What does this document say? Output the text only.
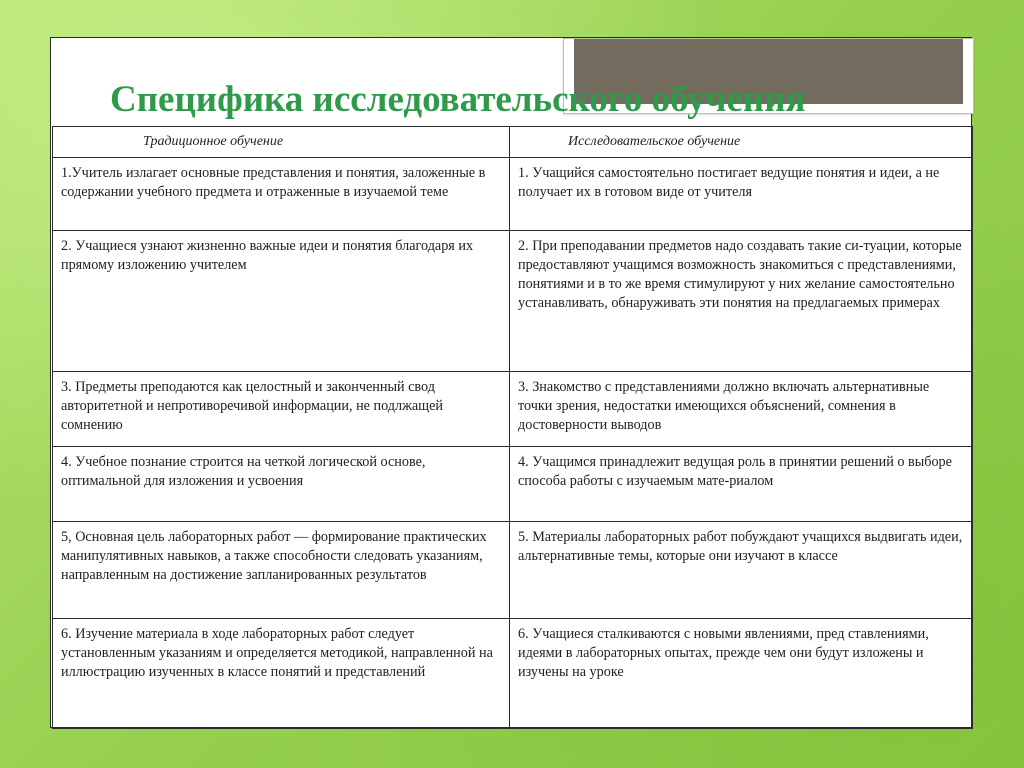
Специфика исследовательского обучения
Традиционное обучение	Исследовательское обучение
1.Учитель излагает основные представления и понятия, заложенные в содержании учебного предмета и отраженные в изучаемой теме	1. Учащийся самостоятельно постигает ведущие понятия и идеи, а не получает их в готовом виде от учителя
2. Учащиеся узнают жизненно важные идеи и понятия благодаря их прямому изложению учителем	2. При преподавании предметов надо создавать такие си-туации, которые предоставляют учащимся возможность знакомиться с представлениями, понятиями и в то же время стимулируют у них желание самостоятельно устанавливать, обнаруживать эти понятия на предлагаемых примерах
3. Предметы преподаются как целостный и законченный свод авторитетной и непротиворечивой информации, не подлжащей сомнению	3. Знакомство с представлениями должно включать альтернативные точки зрения, недостатки имеющихся объяснений, сомнения в достоверности выводов
4. Учебное познание строится на четкой логической основе, оптимальной для изложения и усвоения	4. Учащимся принадлежит ведущая роль в принятии решений о выборе способа работы с изучаемым мате-риалом
5, Основная цель лабораторных работ — формирование практических манипулятивных навыков, а также способности следовать указаниям, направленным на достижение запланированных результатов	5. Материалы лабораторных работ побуждают учащихся выдвигать идеи, альтернативные темы, которые они изучают в классе
6. Изучение материала в ходе лабораторных работ следует установленным указаниям и определяется методикой, направленной на иллюстрацию изученных в классе понятий и представлений	6. Учащиеся сталкиваются с новыми явлениями, пред ставлениями, идеями в лабораторных опытах, прежде чем они будут изложены и изучены на уроке
